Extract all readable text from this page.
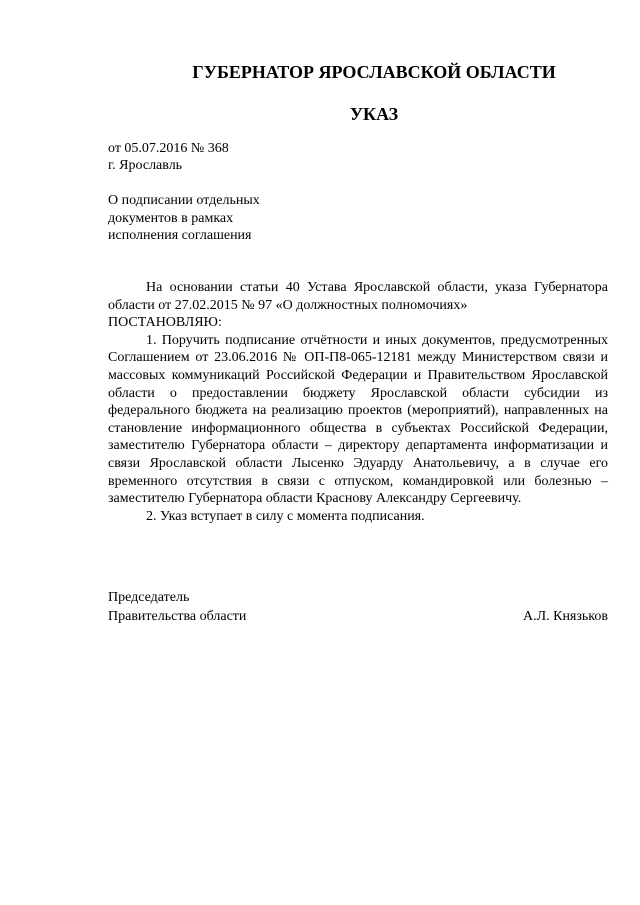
ГУБЕРНАТОР ЯРОСЛАВСКОЙ ОБЛАСТИ
УКАЗ
от 05.07.2016 № 368
г. Ярославль
О подписании отдельных
документов в рамках
исполнения соглашения

На основании статьи 40 Устава Ярославской области, указа Губернатора области от 27.02.2015 № 97 «О должностных полномочиях»

ПОСТАНОВЛЯЮ:

1. Поручить подписание отчётности и иных документов, предусмотренных Соглашением от 23.06.2016 № ОП-П8-065-12181 между Министерством связи и массовых коммуникаций Российской Федерации и Правительством Ярославской области о предоставлении бюджету Ярославской области субсидии из федерального бюджета на реализацию проектов (мероприятий), направленных на становление информационного общества в субъектах Российской Федерации, заместителю Губернатора области – директору департамента информатизации и связи Ярославской области Лысенко Эдуарду Анатольевичу, а в случае его временного отсутствия в связи с отпуском, командировкой или болезнью – заместителю Губернатора области Краснову Александру Сергеевичу.

2. Указ вступает в силу с момента подписания.

Председатель
Правительства области	А.Л. Князьков
